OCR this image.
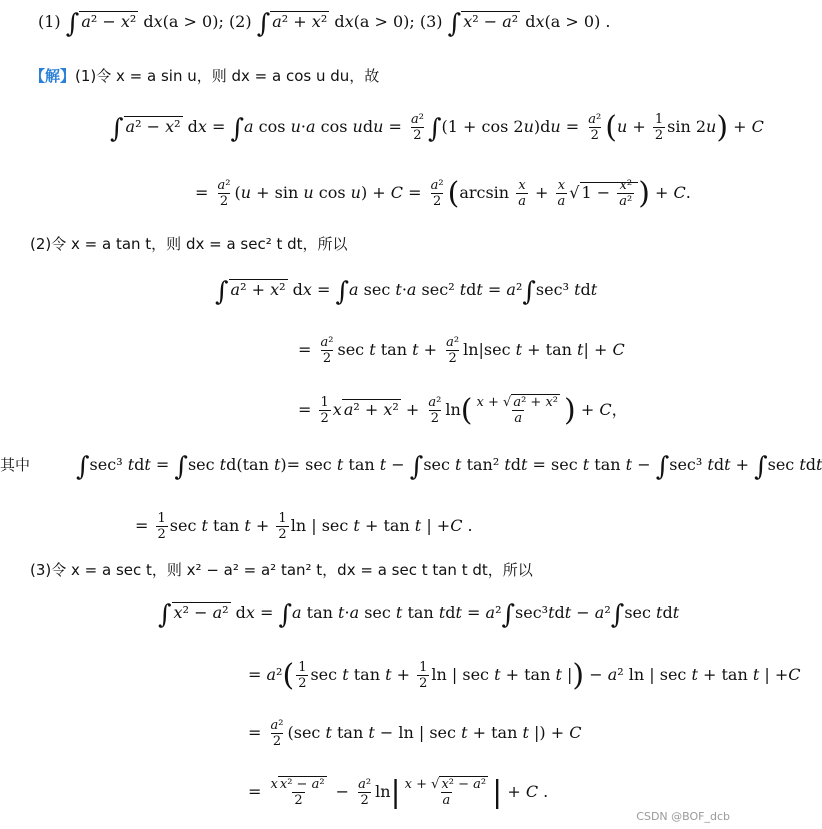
(1) ∫ a² − x² dx(a > 0); (2) ∫ a² + x² dx(a > 0); (3) ∫ x² − a² dx(a > 0) .
【解】(1)令 x = a sin u，则 dx = a cos u du，故
∫ a² − x² dx = ∫a cos u·a cos udu = $\frac{\text{a²}}{2} \int(1 + \cos 2u)du = \frac{\text{a²}}{2} (u + \frac{1}{2}$ sin 2u) + C
= $\frac{\text{a²}}{2} (u + \sin u$ $\cos u) + C = \frac{\text{a²}}{2} (\arcsin \frac{x}{a} + \frac{x}{a}$ √ $1 - \frac{\text{x²}}{\text{a²}}$ ) + C.
(2)令 x = a tan t，则 dx = a sec² t dt，所以
∫ a² + x² dx = ∫a sec t·a sec² tdt = a²∫sec³ tdt
= $\frac{\text{a²}}{2}$ sec t $\tan t + \frac{\text{a²}}{2} \ln|\sec$ t + tan t| + C
= $\frac{1}{2}$ x $a^2 + x^2 + \frac{\text{a²}}{2} \ln( \frac{\text{x + √ a² + x²}}{a}$ ) + C，
其中 ∫sec³ tdt = ∫sec td(tan t)= sec t tan t − ∫sec t tan² tdt = sec t tan t − ∫sec³ tdt + ∫sec tdt
= $\frac{1}{2}$ sec t $\tan t + \frac{1}{2}$ ln | sec t + tan t | +C .
(3)令 x = a sec t，则 x² − a² = a² tan² t，dx = a sec t tan t dt，所以
∫ x² − a² dx = ∫a tan t·a sec t tan tdt = a²∫sec³tdt − a²∫sec tdt
= $a^2( \frac{1}{2}$ sec t $\tan t + \frac{1}{2}$ ln | sec t + tan t |) − a² ln | sec t + tan t | +C
= $\frac{\text{a²}}{2} (\sec$ t tan t − ln | sec t + tan t |) + C
= $\frac{\text{x x² − a²}}{2} - \frac{\text{a²}}{2} \ln| \frac{\text{x + √ x² − a²}}{a}$ | + C .
CSDN @BOF_dcb
